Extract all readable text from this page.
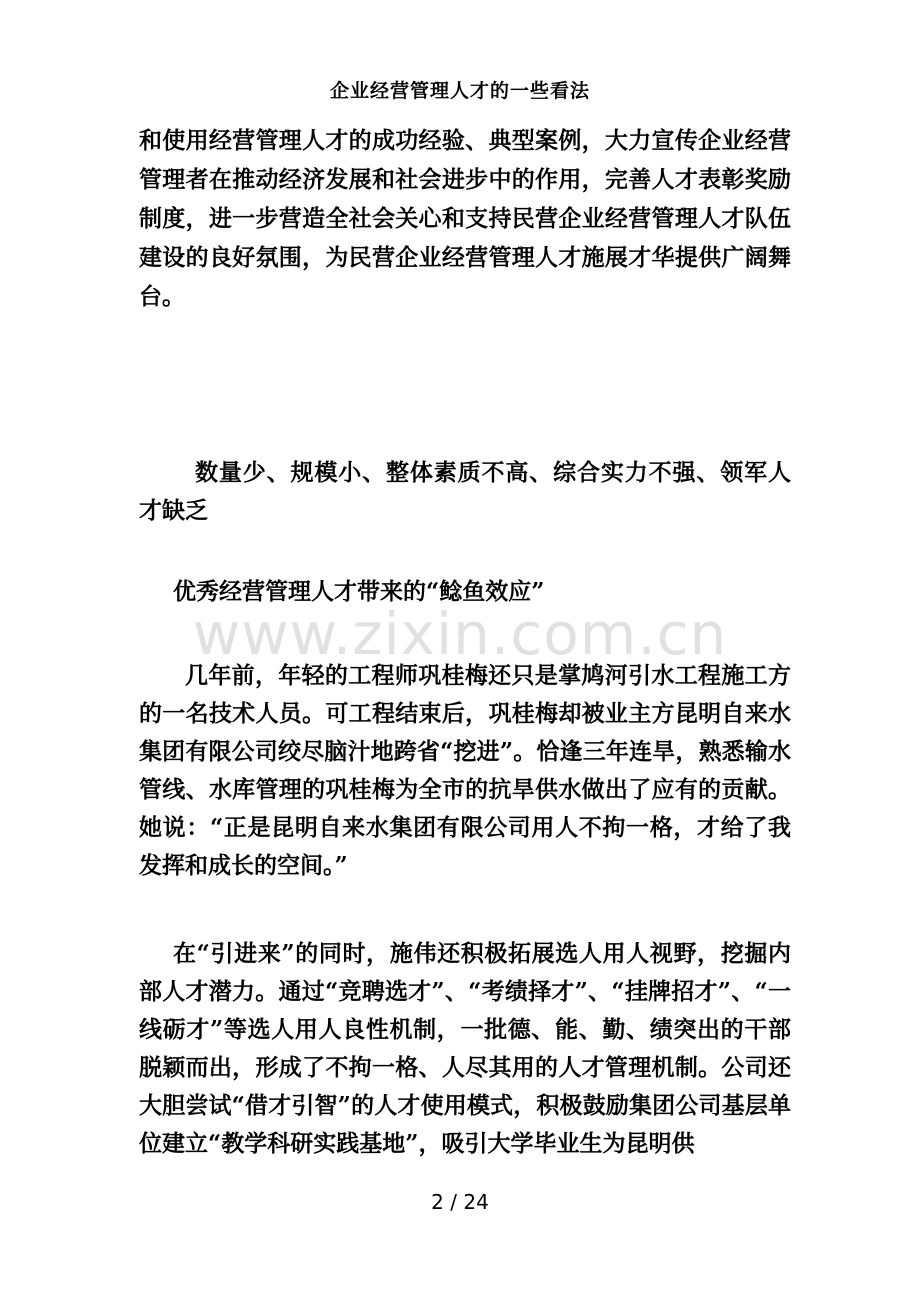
企业经营管理人才的一些看法

和使用经营管理人才的成功经验、典型案例，大力宣传企业经营管理者在推动经济发展和社会进步中的作用，完善人才表彰奖励制度，进一步营造全社会关心和支持民营企业经营管理人才队伍建设的良好氛围，为民营企业经营管理人才施展才华提供广阔舞台。

数量少、规模小、整体素质不高、综合实力不强、领军人才缺乏

优秀经营管理人才带来的“鲶鱼效应”

几年前，年轻的工程师巩桂梅还只是掌鸠河引水工程施工方的一名技术人员。可工程结束后，巩桂梅却被业主方昆明自来水集团有限公司绞尽脑汁地跨省“挖进”。恰逢三年连旱，熟悉输水管线、水库管理的巩桂梅为全市的抗旱供水做出了应有的贡献。她说：“正是昆明自来水集团有限公司用人不拘一格，才给了我发挥和成长的空间。”

在“引进来”的同时，施伟还积极拓展选人用人视野，挖掘内部人才潜力。通过“竞聘选才”、“考绩择才”、“挂牌招才”、“一线砺才”等选人用人良性机制，一批德、能、勤、绩突出的干部脱颖而出，形成了不拘一格、人尽其用的人才管理机制。公司还大胆尝试“借才引智”的人才使用模式，积极鼓励集团公司基层单位建立“教学科研实践基地”，吸引大学毕业生为昆明供

www.zixin.com.cn
2 / 24
